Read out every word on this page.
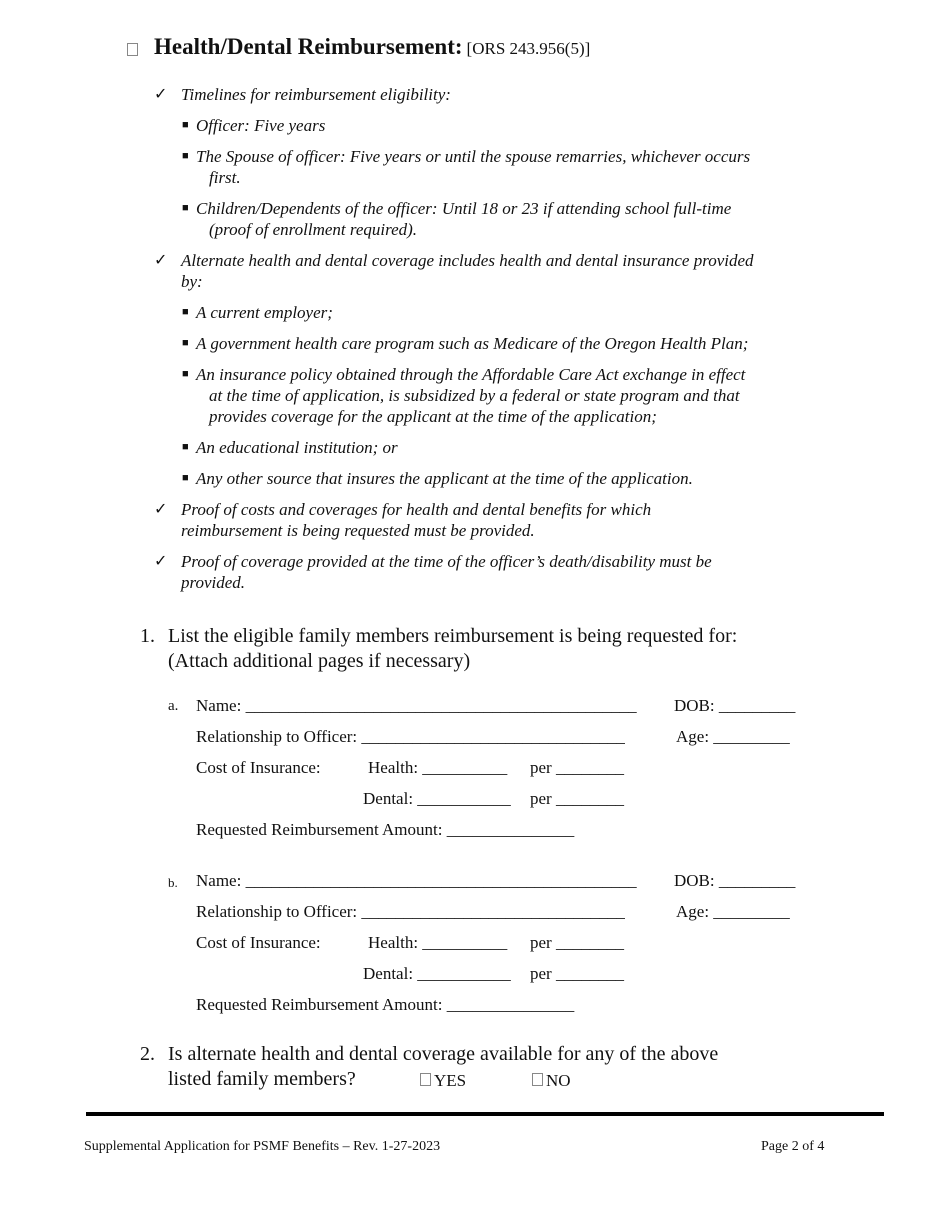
Health/Dental Reimbursement: [ORS 243.956(5)]
✓ Timelines for reimbursement eligibility:
■ Officer: Five years
■ The Spouse of officer: Five years or until the spouse remarries, whichever occurs
first.
■ Children/Dependents of the officer: Until 18 or 23 if attending school full-time
(proof of enrollment required).
✓ Alternate health and dental coverage includes health and dental insurance provided
by:
■ A current employer;
■ A government health care program such as Medicare of the Oregon Health Plan;
■ An insurance policy obtained through the Affordable Care Act exchange in effect
at the time of application, is subsidized by a federal or state program and that
provides coverage for the applicant at the time of the application;
■ An educational institution; or
■ Any other source that insures the applicant at the time of the application.
✓ Proof of costs and coverages for health and dental benefits for which
reimbursement is being requested must be provided.
✓ Proof of coverage provided at the time of the officer’s death/disability must be
provided.
1. List the eligible family members reimbursement is being requested for:
(Attach additional pages if necessary)
a. Name: ______________________________________________ DOB: _________
Relationship to Officer: _______________________________	Age: _________
Cost of Insurance:	Health: __________ per ________
Dental: ___________ per ________
Requested Reimbursement Amount: _______________
b. Name: ______________________________________________ DOB: _________
Relationship to Officer: _______________________________	Age: _________
Cost of Insurance:	Health: __________ per ________
Dental: ___________ per ________
Requested Reimbursement Amount: _______________
2. Is alternate health and dental coverage available for any of the above
listed family members?	YES	NO
Supplemental Application for PSMF Benefits – Rev. 1-27-2023	Page 2 of 4
